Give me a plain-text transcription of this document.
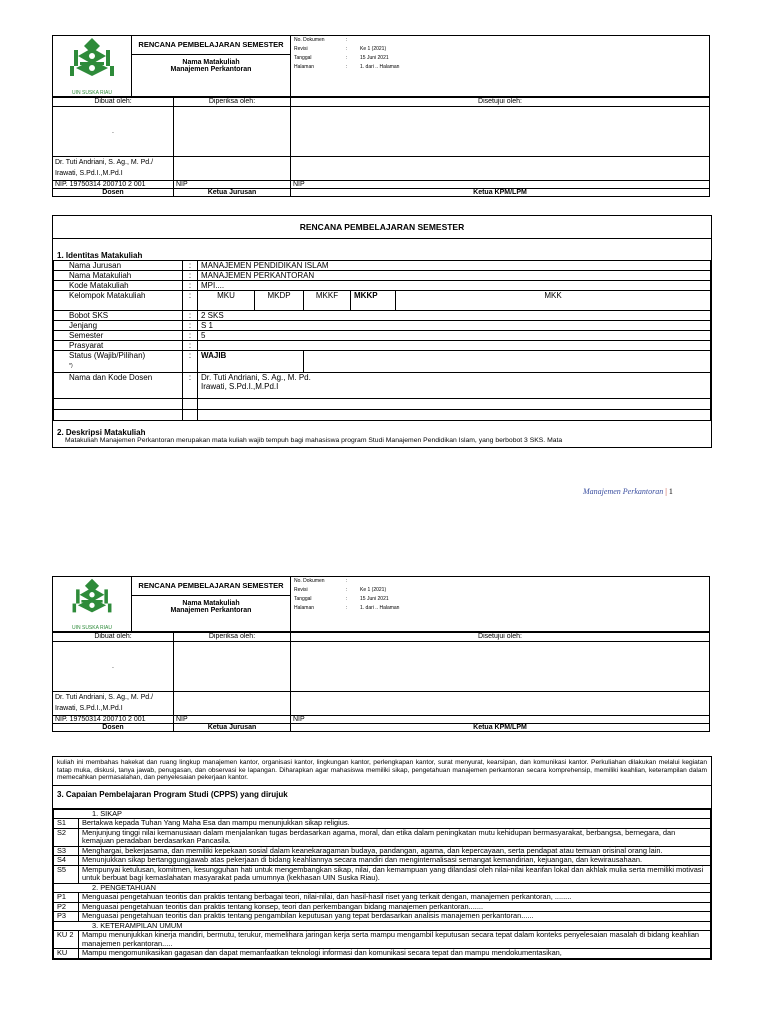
UIN SUSKA RIAU

RENCANA PEMBELAJARAN SEMESTER
Nama Matakuliah
Manajemen Perkantoran

No. Dokumen	:	
Revisi	:	Ke 1 (2021)
Tanggal	:	15 Juni 2021
Halaman	:	1. dari .. Halaman
Dibuat oleh:	Diperiksa oleh:	Disetujui oleh:
.		
Dr. Tuti Andriani, S. Ag., M. Pd./
Irawati, S.Pd.I.,M.Pd.I		
NIP. 19750314 200710 2 001	NIP	NIP
Dosen	Ketua Jurusan	Ketua KPM/LPM
RENCANA PEMBELAJARAN SEMESTER
1. Identitas Matakuliah
Nama Jurusan	:	MANAJEMEN PENDIDIKAN ISLAM				
Nama Matakuliah	:	MANAJEMEN PERKANTORAN				
Kode Matakuliah	:	MPI....				

Kelompok Matakuliah	:	MKU	MKDP	MKKF	MKKP	MKK
Bobot SKS	:	2 SKS				
Jenjang	:	S 1				
Semester	:	5				
Prasyarat	:					
Status (Wajib/Pilihan)
*)	:	WAJIB				
Nama dan Kode Dosen	:	Dr. Tuti Andriani, S. Ag., M. Pd.
Irawati, S.Pd.I.,M.Pd.I				

2. Deskripsi Matakuliah
Matakuliah Manajemen Perkantoran merupakan mata kuliah wajib tempuh bagi mahasiswa program Studi Manajemen Pendidikan Islam, yang berbobot 3 SKS. Mata
Manajemen Perkantoran | 1
UIN SUSKA RIAU

RENCANA PEMBELAJARAN SEMESTER
Nama Matakuliah
Manajemen Perkantoran

No. Dokumen	:	
Revisi	:	Ke 1 (2021)
Tanggal	:	15 Juni 2021
Halaman	:	1. dari .. Halaman
Dibuat oleh:	Diperiksa oleh:	Disetujui oleh:
.		
Dr. Tuti Andriani, S. Ag., M. Pd./
Irawati, S.Pd.I.,M.Pd.I		
NIP. 19750314 200710 2 001	NIP	NIP
Dosen	Ketua Jurusan	Ketua KPM/LPM
kuliah ini membahas hakekat dan ruang lingkup manajemen kantor, organisasi kantor, lingkungan kantor, perlengkapan kantor, surat menyurat, kearsipan, dan komunikasi kantor. Perkuliahan dilakukan melalui kegiatan tatap muka, diskusi, tanya jawab, penugasan, dan observasi ke lapangan. Diharapkan agar mahasiswa memiliki sikap, pengetahuan manajemen perkantoran secara komprehensip, memiliki keahlian, keterampilan dalam memecahkan permasalahan, dan penyelesaian pekerjaan kantor.
3. Capaian Pembelajaran Program Studi (CPPS) yang dirujuk
1. SIKAP	
S1	Bertakwa kepada Tuhan Yang Maha Esa dan mampu menunjukkan sikap religius.
S2	Menjunjung tinggi nilai kemanusiaan dalam menjalankan tugas berdasarkan agama, moral, dan etika dalam peningkatan mutu kehidupan bermasyarakat, berbangsa, bernegara, dan kemajuan peradaban berdasarkan Pancasila.
S3	Menghargai, bekerjasama, dan memiliki kepekaan sosial dalam keanekaragaman budaya, pandangan, agama, dan kepercayaan, serta pendapat atau temuan orisinal orang lain.
S4	Menunjukkan sikap bertanggungjawab atas pekerjaan di bidang keahliannya secara mandiri dan menginternalisasi semangat kemandirian, kejuangan, dan kewirausahaan.
S5	Mempunyai ketulusan, komitmen, kesungguhan hati untuk mengembangkan sikap, nilai, dan kemampuan yang dilandasi oleh nilai-nilai kearifan lokal dan akhlak mulia serta memiliki motivasi untuk berbuat bagi kemaslahatan masyarakat pada umumnya (kekhasan UIN Suska Riau).
2. PENGETAHUAN	
P1	Menguasai pengetahuan teoritis dan praktis tentang berbagai teori, nilai-nilai, dan hasil-hasil riset yang terkait dengan, manajemen perkantoran, ........
P2	Menguasai pengetahuan teoritis dan praktis tentang konsep, teori dan perkembangan bidang manajemen perkantoran.......
P3	Menguasai pengetahuan teoritis dan praktis tentang pengambilan keputusan yang tepat berdasarkan analisis manajemen perkantoran......
3. KETERAMPILAN UMUM	
KU 2	Mampu menunjukkan kinerja mandiri, bermutu, terukur, memelihara jaringan kerja serta mampu mengambil keputusan secara tepat dalam konteks penyelesaian masalah di bidang keahlian manajemen perkantoran.....
KU	Mampu mengomunikasikan gagasan dan dapat memanfaatkan teknologi informasi dan komunikasi secara tepat dan mampu mendokumentasikan,
